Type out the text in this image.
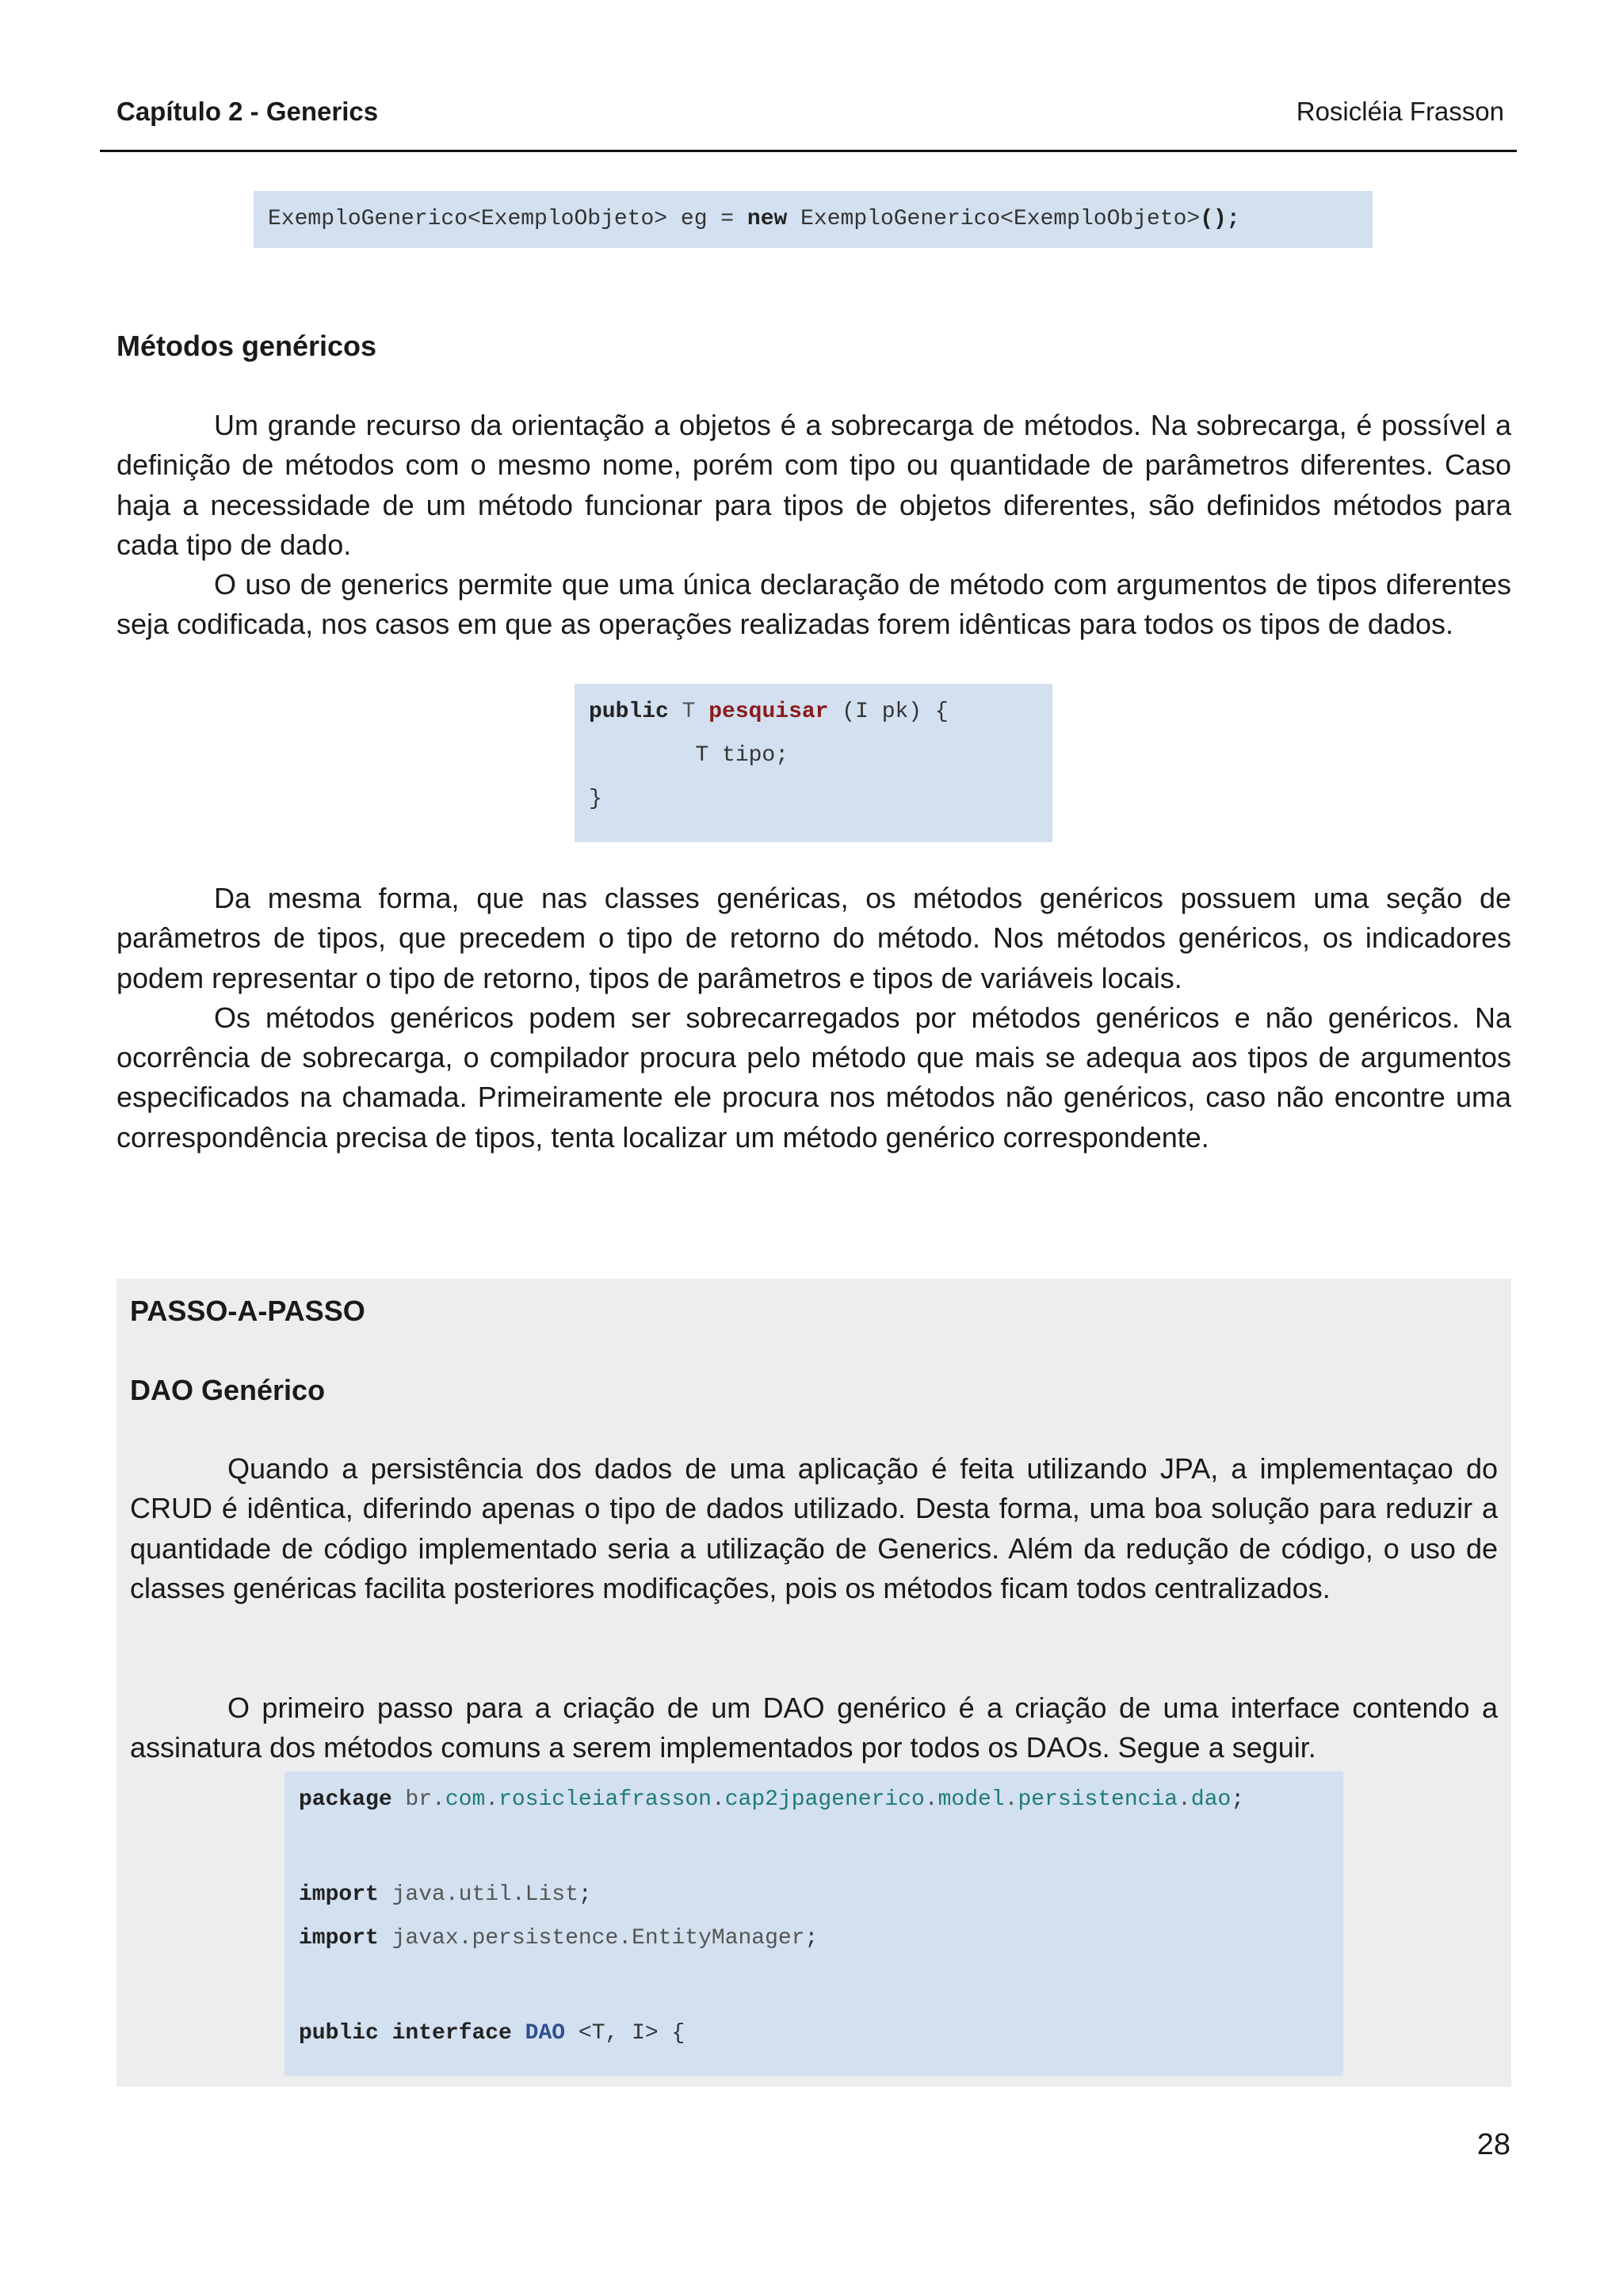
Capítulo 2 - Generics	Rosicléia Frasson
ExemploGenerico<ExemploObjeto> eg = new ExemploGenerico<ExemploObjeto>();
Métodos genéricos
Um grande recurso da orientação a objetos é a sobrecarga de métodos. Na sobrecarga, é possível a definição de métodos com o mesmo nome, porém com tipo ou quantidade de parâmetros diferentes. Caso haja a necessidade de um método funcionar para tipos de objetos diferentes, são definidos métodos para cada tipo de dado.
O uso de generics permite que uma única declaração de método com argumentos de tipos diferentes seja codificada, nos casos em que as operações realizadas forem idênticas para todos os tipos de dados.
public T pesquisar (I pk) {
T tipo;
}
Da mesma forma, que nas classes genéricas, os métodos genéricos possuem uma seção de parâmetros de tipos, que precedem o tipo de retorno do método. Nos métodos genéricos, os indicadores podem representar o tipo de retorno, tipos de parâmetros e tipos de variáveis locais.
Os métodos genéricos podem ser sobrecarregados por métodos genéricos e não genéricos. Na ocorrência de sobrecarga, o compilador procura pelo método que mais se adequa aos tipos de argumentos especificados na chamada. Primeiramente ele procura nos métodos não genéricos, caso não encontre uma correspondência precisa de tipos, tenta localizar um método genérico correspondente.
PASSO-A-PASSO
DAO Genérico
Quando a persistência dos dados de uma aplicação é feita utilizando JPA, a implementaçao do CRUD é idêntica, diferindo apenas o tipo de dados utilizado. Desta forma, uma boa solução para reduzir a quantidade de código implementado seria a utilização de Generics. Além da redução de código, o uso de classes genéricas facilita posteriores modificações, pois os métodos ficam todos centralizados.
O primeiro passo para a criação de um DAO genérico é a criação de uma interface contendo a assinatura dos métodos comuns a serem implementados por todos os DAOs. Segue a seguir.
package br.com.rosicleiafrasson.cap2jpagenerico.model.persistencia.dao;
import java.util.List;
import javax.persistence.EntityManager;
public interface DAO <T, I> {
28
